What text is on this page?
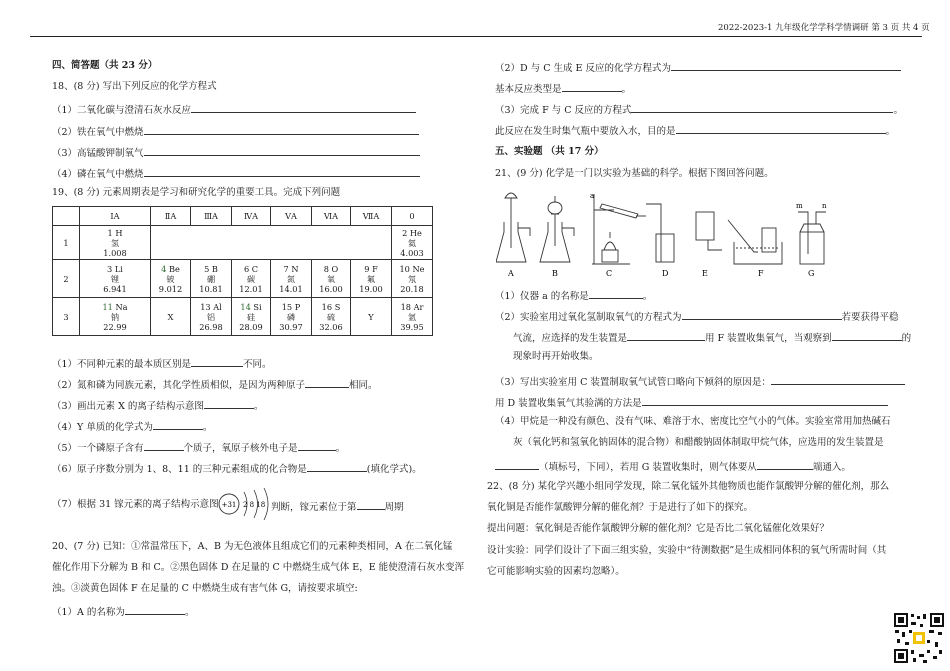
2022-2023-1 九年级化学学科学情调研 第 3 页 共 4 页
四、简答题（共 23 分）
18、(8 分) 写出下列反应的化学方程式
（1）二氧化碳与澄清石灰水反应
（2）铁在氧气中燃烧
（3）高锰酸钾制氧气
（4）磷在氧气中燃烧
19、(8 分) 元素周期表是学习和研究化学的重要工具。完成下列问题
	ⅠA	ⅡA	ⅢA	ⅣA	ⅤA	ⅥA	ⅦA	0
1	1 H
氢
1.008							2 He
氦
4.003

2	3 Li
锂
6.941	4 Be
铍
9.012	5 B
硼
10.81	6 C
碳
12.01	7 N
氮
14.01	8 O
氧
16.00	9 F
氟
19.00	10 Ne
氖
20.18

3	11 Na
钠
22.99	X	13 Al
铝
26.98	14 Si
硅
28.09	15 P
磷
30.97	16 S
硫
32.06	Y	18 Ar
氩
39.95
（1）不同种元素的最本质区别是	不同。
（2）氮和磷为同族元素，其化学性质相似，是因为两种原子	相同。
（3）画出元素 X 的离子结构示意图	。
（4）Y 单质的化学式为	。
（5）一个磷原子含有	个质子，氧原子核外电子是	。
（6）原子序数分别为 1、8、11 的三种元素组成的化合物是	(填化学式)。
（7）根据 31 镓元素的离子结构示意图 +31 2 8 18 判断，镓元素位于第	周期
20、(7 分) 已知：①常温常压下，A、B 为无色液体且组成它们的元素种类相同，A 在二氧化锰
催化作用下分解为 B 和 C。②黑色固体 D 在足量的 C 中燃烧生成气体 E，E 能使澄清石灰水变浑
浊。③淡黄色固体 F 在足量的 C 中燃烧生成有害气体 G，请按要求填空:
（1）A 的名称为	。
（2）D 与 C 生成 E 反应的化学方程式为
基本反应类型是	。
（3）完成 F 与 C 反应的方程式	。
此反应在发生时集气瓶中要放入水，目的是	。
五、实验题 （共 17 分）
21、(9 分) 化学是一门以实验为基础的科学。根据下图回答问题。
A	B	C	D	E	F	G
a
m	n
（1）仪器 a 的名称是	。
（2）实验室用过氧化氢制取氧气的方程式为	若要获得平稳
气流，应选择的发生装置是	用 F 装置收集氧气，当观察到	的
现象时再开始收集。
（3）写出实验室用 C 装置制取氧气试管口略向下倾斜的原因是：
用 D 装置收集氧气其验满的方法是
（4）甲烷是一种没有颜色、没有气味、难溶于水、密度比空气小的气体。实验室常用加热碱石
灰（氧化钙和氢氧化钠固体的混合物）和醋酸钠固体制取甲烷气体，应选用的发生装置是
（填标号，下同），若用 G 装置收集时，则气体要从	端通入。
22、(8 分) 某化学兴趣小组同学发现，除二氧化锰外其他物质也能作氯酸钾分解的催化剂，那么
氧化铜是否能作氯酸钾分解的催化剂？于是进行了如下的探究。
提出问题：氧化铜是否能作氯酸钾分解的催化剂？它是否比二氧化锰催化效果好？
设计实验：同学们设计了下面三组实验，实验中“待测数据”是生成相同体积的氧气所需时间（其
它可能影响实验的因素均忽略）。
